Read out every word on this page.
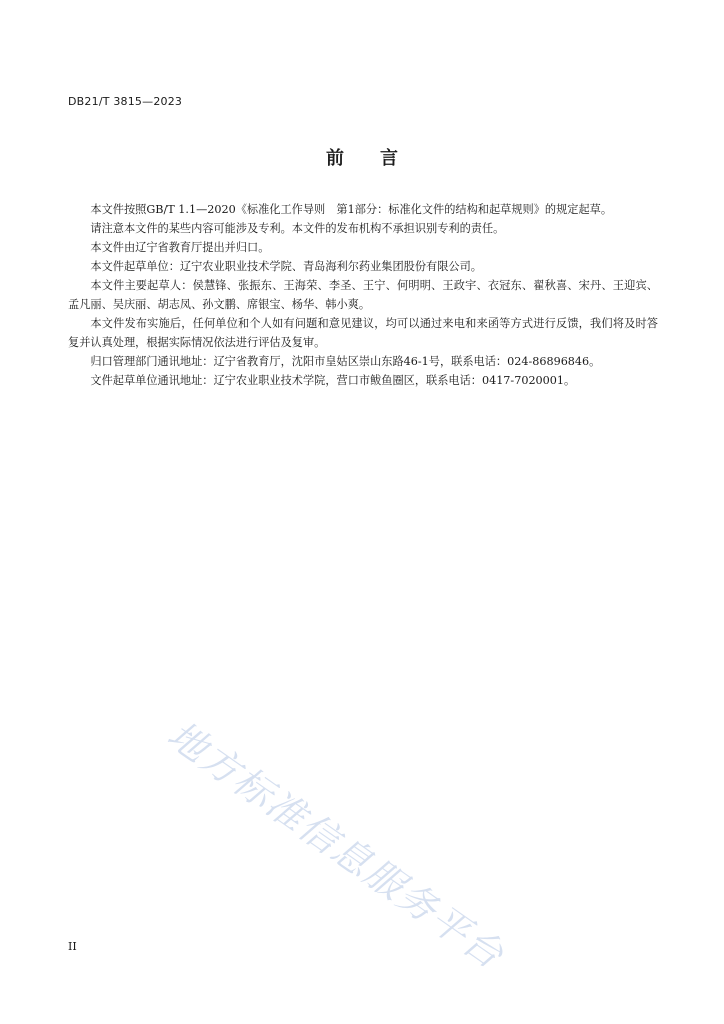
DB21/T 3815—2023
前言

本文件按照GB/T 1.1—2020《标准化工作导则　第1部分：标准化文件的结构和起草规则》的规定起草。

请注意本文件的某些内容可能涉及专利。本文件的发布机构不承担识别专利的责任。

本文件由辽宁省教育厅提出并归口。

本文件起草单位：辽宁农业职业技术学院、青岛海利尔药业集团股份有限公司。

本文件主要起草人：侯慧锋、张振东、王海荣、李圣、王宁、何明明、王政宇、衣冠东、翟秋喜、宋丹、王迎宾、孟凡丽、吴庆丽、胡志凤、孙文鹏、席银宝、杨华、韩小爽。

本文件发布实施后，任何单位和个人如有问题和意见建议，均可以通过来电和来函等方式进行反馈，我们将及时答复并认真处理，根据实际情况依法进行评估及复审。

归口管理部门通讯地址：辽宁省教育厅，沈阳市皇姑区崇山东路46-1号，联系电话：024-86896846。

文件起草单位通讯地址：辽宁农业职业技术学院，营口市鲅鱼圈区，联系电话：0417-7020001。

地方标准信息服务平台
II
